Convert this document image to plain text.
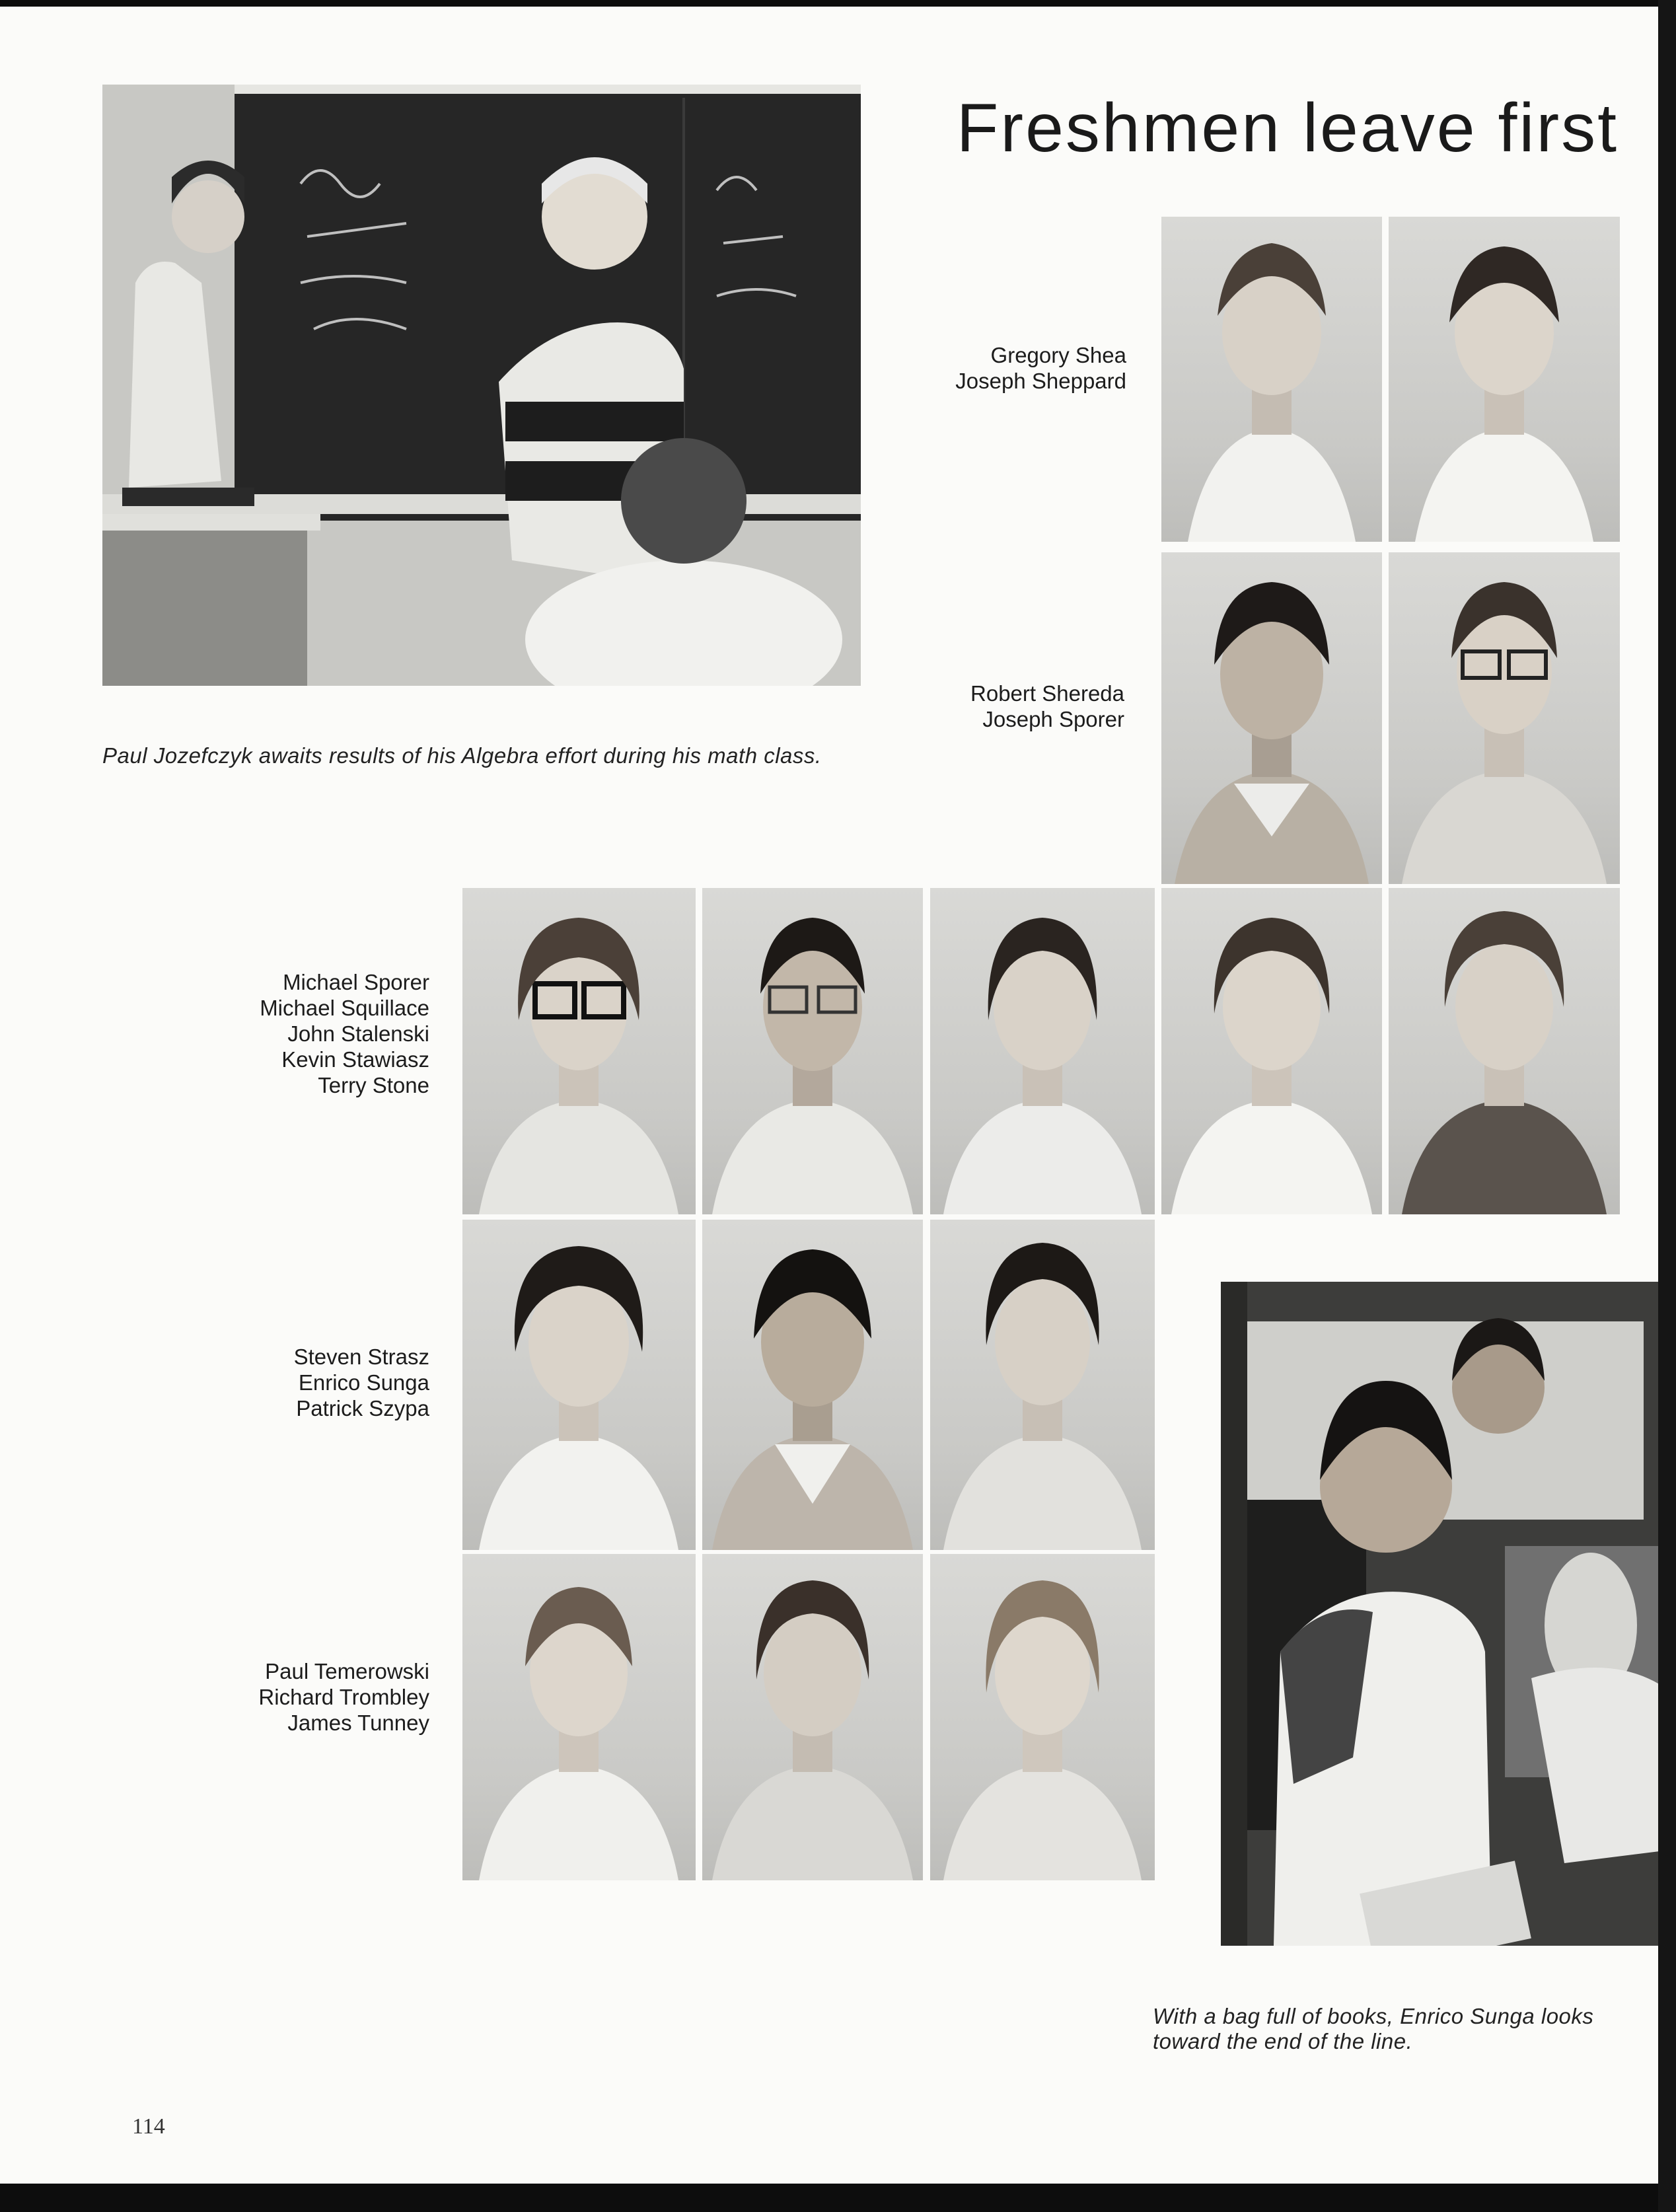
Paul Jozefczyk awaits results of his Algebra effort during his math class.
Freshmen leave first
Gregory Shea
Joseph Sheppard
Robert Shereda
Joseph Sporer
Michael Sporer
Michael Squillace
John Stalenski
Kevin Stawiasz
Terry Stone
Steven Strasz
Enrico Sunga
Patrick Szypa
Paul Temerowski
Richard Trombley
James Tunney
With a bag full of books, Enrico Sunga looks toward the end of the line.
114
